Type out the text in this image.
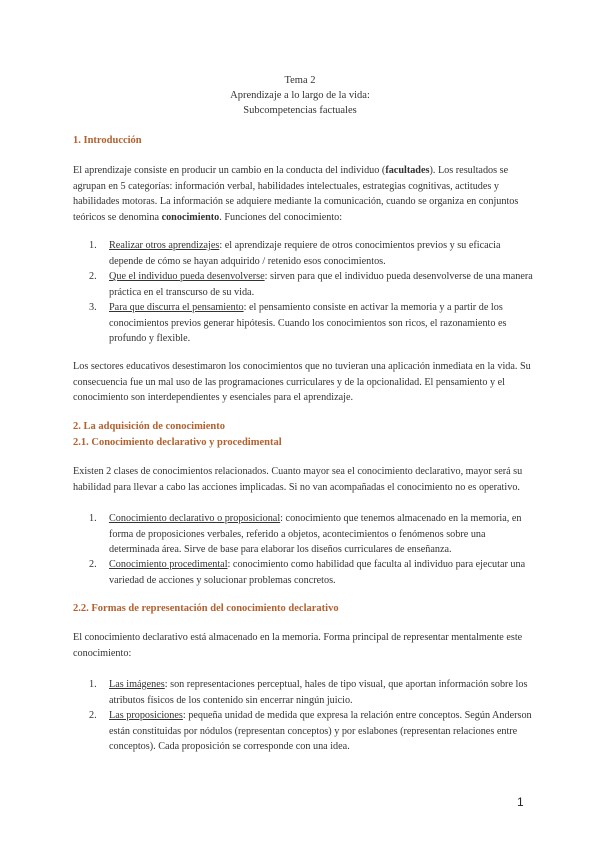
Tema 2
Aprendizaje a lo largo de la vida:
Subcompetencias factuales
1. Introducción
El aprendizaje consiste en producir un cambio en la conducta del individuo (facultades). Los resultados se agrupan en 5 categorías: información verbal, habilidades intelectuales, estrategias cognitivas, actitudes y habilidades motoras. La información se adquiere mediante la comunicación, cuando se organiza en conjuntos teóricos se denomina conocimiento. Funciones del conocimiento:
1. Realizar otros aprendizajes: el aprendizaje requiere de otros conocimientos previos y su eficacia depende de cómo se hayan adquirido / retenido esos conocimientos.
2. Que el individuo pueda desenvolverse: sirven para que el individuo pueda desenvolverse de una manera práctica en el transcurso de su vida.
3. Para que discurra el pensamiento: el pensamiento consiste en activar la memoria y a partir de los conocimientos previos generar hipótesis. Cuando los conocimientos son ricos, el razonamiento es profundo y flexible.
Los sectores educativos desestimaron los conocimientos que no tuvieran una aplicación inmediata en la vida. Su consecuencia fue un mal uso de las programaciones curriculares y de la opcionalidad. El pensamiento y el conocimiento son interdependientes y esenciales para el aprendizaje.
2. La adquisición de conocimiento
2.1. Conocimiento declarativo y procedimental
Existen 2 clases de conocimientos relacionados. Cuanto mayor sea el conocimiento declarativo, mayor será su habilidad para llevar a cabo las acciones implicadas. Si no van acompañadas el conocimiento no es operativo.
1. Conocimiento declarativo o proposicional: conocimiento que tenemos almacenado en la memoria, en forma de proposiciones verbales, referido a objetos, acontecimientos o fenómenos sobre una determinada área. Sirve de base para elaborar los diseños curriculares de enseñanza.
2. Conocimiento procedimental: conocimiento como habilidad que faculta al individuo para ejecutar una variedad de acciones y solucionar problemas concretos.
2.2. Formas de representación del conocimiento declarativo
El conocimiento declarativo está almacenado en la memoria. Forma principal de representar mentalmente este conocimiento:
1. Las imágenes: son representaciones perceptual, hales de tipo visual, que aportan información sobre los atributos físicos de los contenido sin encerrar ningún juicio.
2. Las proposiciones: pequeña unidad de medida que expresa la relación entre conceptos. Según Anderson están constituidas por nódulos (representan conceptos) y por eslabones (representan relaciones entre conceptos). Cada proposición se corresponde con una idea.
1
